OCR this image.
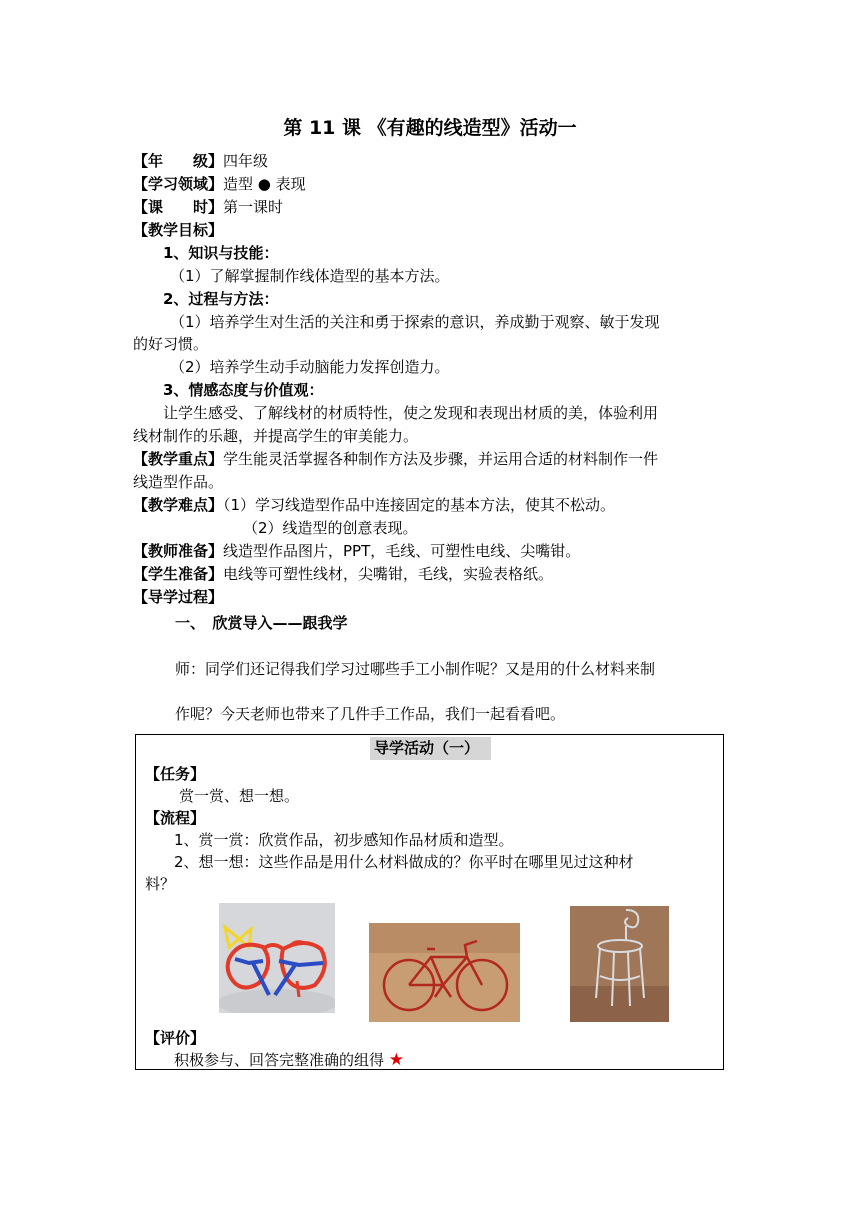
第 11 课 《有趣的线造型》活动一
【年　　级】四年级
【学习领域】造型 ● 表现
【课　　时】第一课时
【教学目标】
1、知识与技能：
（1）了解掌握制作线体造型的基本方法。
2、过程与方法：
（1）培养学生对生活的关注和勇于探索的意识，养成勤于观察、敏于发现
的好习惯。
（2）培养学生动手动脑能力发挥创造力。
3、情感态度与价值观：
让学生感受、了解线材的材质特性，使之发现和表现出材质的美，体验利用
线材制作的乐趣，并提高学生的审美能力。
【教学重点】学生能灵活掌握各种制作方法及步骤，并运用合适的材料制作一件
线造型作品。
【教学难点】（1）学习线造型作品中连接固定的基本方法，使其不松动。
（2）线造型的创意表现。
【教师准备】线造型作品图片，PPT，毛线、可塑性电线、尖嘴钳。
【学生准备】电线等可塑性线材，尖嘴钳，毛线，实验表格纸。
【导学过程】
一、　欣赏导入——跟我学
师：同学们还记得我们学习过哪些手工小制作呢？又是用的什么材料来制
作呢？今天老师也带来了几件手工作品，我们一起看看吧。
导学活动（一）
【任务】
赏一赏、想一想。
【流程】
1、赏一赏：欣赏作品，初步感知作品材质和造型。
2、想一想：这些作品是用什么材料做成的？你平时在哪里见过这种材
料？
【评价】
积极参与、回答完整准确的组得 ★
